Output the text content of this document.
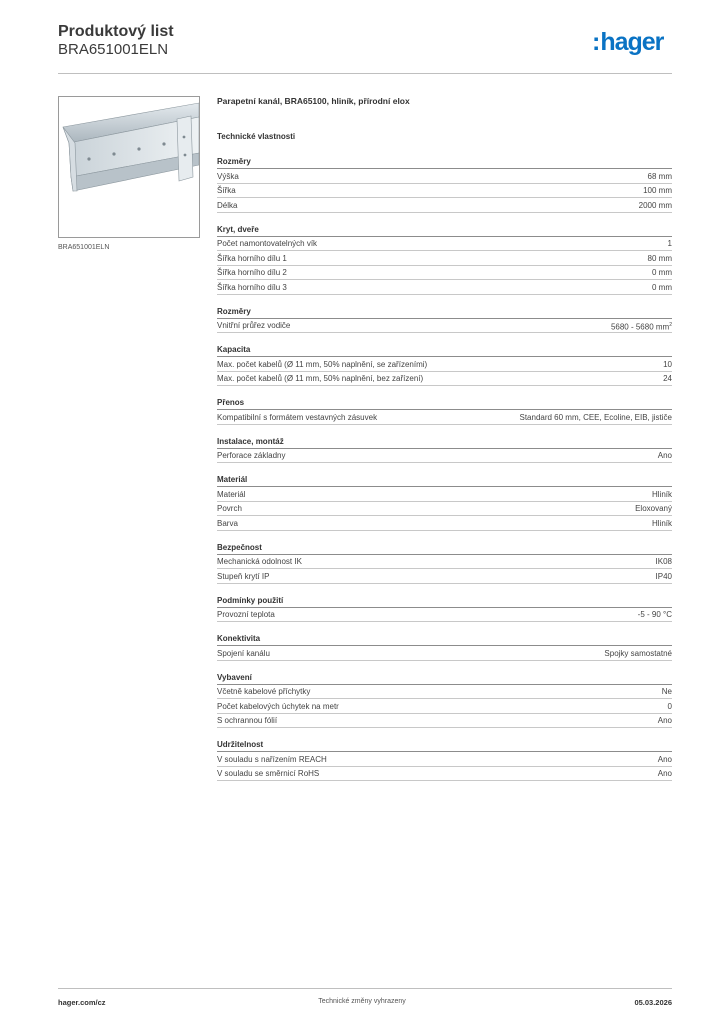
Produktový list
BRA651001ELN	:hager
BRA651001ELN
Parapetní kanál, BRA65100, hliník, přírodní elox
Technické vlastnosti
Rozměry
Výška	68 mm
Šířka	100 mm
Délka	2000 mm
Kryt, dveře
Počet namontovatelných vík	1
Šířka horního dílu 1	80 mm
Šířka horního dílu 2	0 mm
Šířka horního dílu 3	0 mm
Rozměry
Vnitřní průřez vodiče	5680 - 5680 $mm^2$
Kapacita
Max. počet kabelů (Ø 11 mm, 50% naplnění, se zařízeními)	10
Max. počet kabelů (Ø 11 mm, 50% naplnění, bez zařízení)	24
Přenos
Kompatibilní s formátem vestavných zásuvek	Standard 60 mm, CEE, Ecoline, EIB, jističe
Instalace, montáž
Perforace základny	Ano
Materiál
Materiál	Hliník
Povrch	Eloxovaný
Barva	Hliník
Bezpečnost
Mechanická odolnost IK	IK08
Stupeň krytí IP	IP40
Podmínky použití
Provozní teplota	-5 - 90 °C
Konektivita
Spojení kanálu	Spojky samostatné
Vybavení
Včetně kabelové příchytky	Ne
Počet kabelových úchytek na metr	0
S ochrannou fólií	Ano
Udržitelnost
V souladu s nařízením REACH	Ano
V souladu se směrnicí RoHS	Ano
hager.com/cz	Technické změny vyhrazeny	05.03.2026
